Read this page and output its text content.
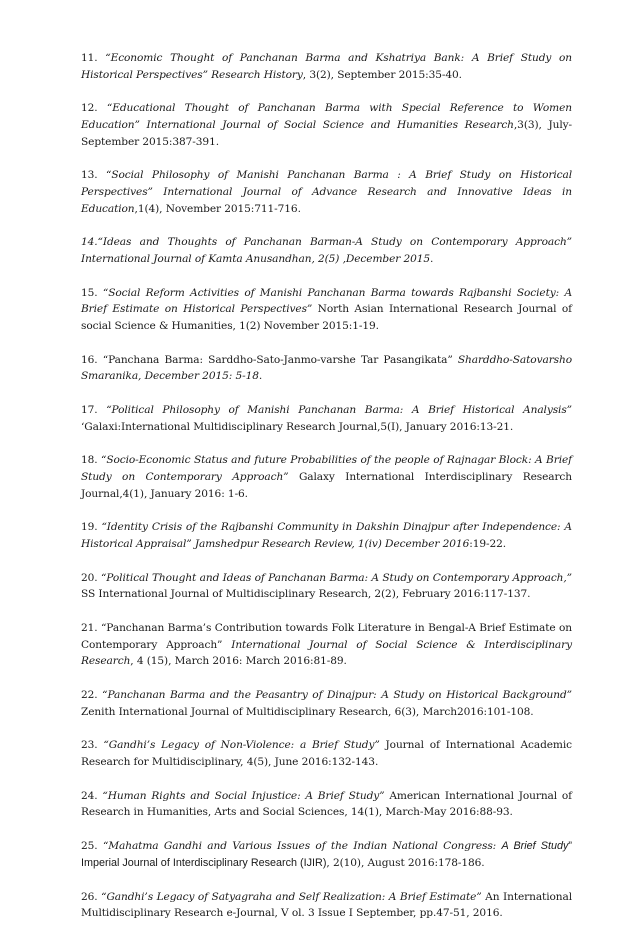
11. “Economic Thought of Panchanan Barma and Kshatriya Bank: A Brief Study on Historical Perspectives” Research History, 3(2), September 2015:35-40.

12. “Educational Thought of Panchanan Barma with Special Reference to Women Education” International Journal of Social Science and Humanities Research,3(3), July-September 2015:387-391.

13. “Social Philosophy of Manishi Panchanan Barma : A Brief Study on Historical Perspectives” International Journal of Advance Research and Innovative Ideas in Education,1(4), November 2015:711-716.

14.“Ideas and Thoughts of Panchanan Barman-A Study on Contemporary Approach” International Journal of Kamta Anusandhan, 2(5) ,December 2015.

15. “Social Reform Activities of Manishi Panchanan Barma towards Rajbanshi Society: A Brief Estimate on Historical Perspectives” North Asian International Research Journal of social Science & Humanities, 1(2) November 2015:1-19.

16. “Panchana Barma: Sarddho-Sato-Janmo-varshe Tar Pasangikata” Sharddho-Satovarsho Smaranika, December 2015: 5-18.

17. “Political Philosophy of Manishi Panchanan Barma: A Brief Historical Analysis” ‘Galaxi:International Multidisciplinary Research Journal,5(I), January 2016:13-21.

18. “Socio-Economic Status and future Probabilities of the people of Rajnagar Block: A Brief Study on Contemporary Approach” Galaxy International Interdisciplinary Research Journal,4(1), January 2016: 1-6.

19. “Identity Crisis of the Rajbanshi Community in Dakshin Dinajpur after Independence: A Historical Appraisal” Jamshedpur Research Review, 1(iv) December 2016:19-22.

20. “Political Thought and Ideas of Panchanan Barma: A Study on Contemporary Approach,” SS International Journal of Multidisciplinary Research, 2(2), February 2016:117-137.

21. “Panchanan Barma’s Contribution towards Folk Literature in Bengal-A Brief Estimate on Contemporary Approach” International Journal of Social Science & Interdisciplinary Research, 4 (15), March 2016: March 2016:81-89.

22. “Panchanan Barma and the Peasantry of Dinajpur: A Study on Historical Background” Zenith International Journal of Multidisciplinary Research, 6(3), March2016:101-108.

23. “Gandhi’s Legacy of Non-Violence: a Brief Study” Journal of International Academic Research for Multidisciplinary, 4(5), June 2016:132-143.

24. “Human Rights and Social Injustice: A Brief Study” American International Journal of Research in Humanities, Arts and Social Sciences, 14(1), March-May 2016:88-93.

25. “Mahatma Gandhi and Various Issues of the Indian National Congress: A Brief Study” Imperial Journal of Interdisciplinary Research (IJIR), 2(10), August 2016:178-186.

26. “Gandhi’s Legacy of Satyagraha and Self Realization: A Brief Estimate” An International Multidisciplinary Research e-Journal, V ol. 3 Issue I September, pp.47-51, 2016.
